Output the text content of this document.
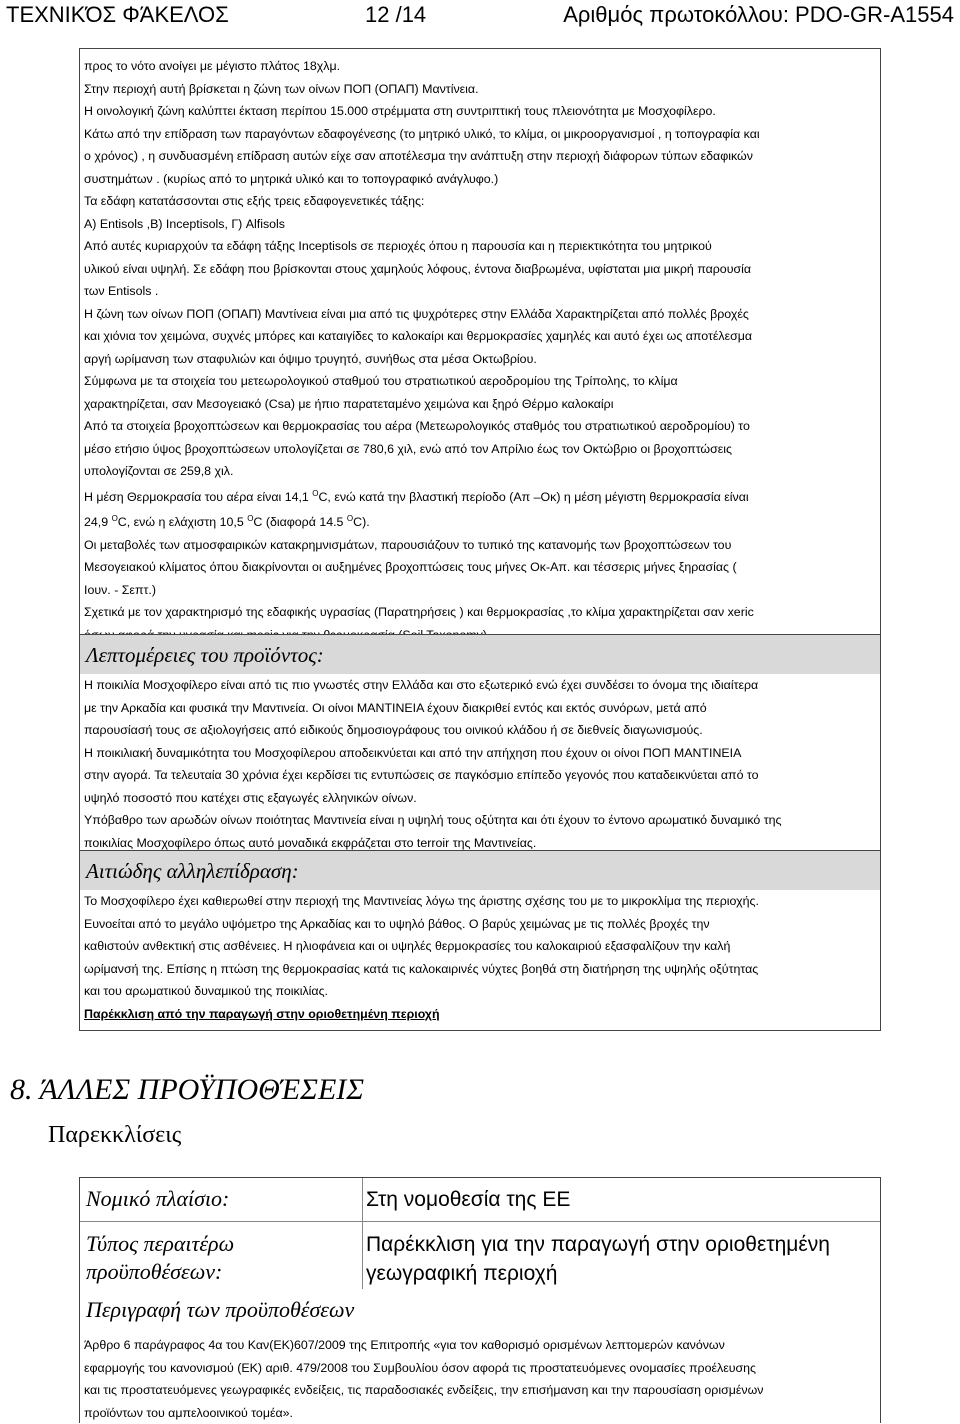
ΤΕΧΝΙΚΌΣ ΦΆΚΕΛΟΣ	12 /14	Αριθμός πρωτοκόλλου: PDO-GR-A1554
προς το νότο ανοίγει με μέγιστο πλάτος 18χλμ.
Στην περιοχή αυτή βρίσκεται η ζώνη των οίνων ΠΟΠ (ΟΠΑΠ) Μαντίνεια.
Η οινολογική ζώνη καλύπτει έκταση περίπου 15.000 στρέμματα στη συντριπτική τους πλειονότητα με Μοσχοφίλερο.
Κάτω από την επίδραση των παραγόντων εδαφογένεσης (το μητρικό υλικό, το κλίμα, οι μικροοργανισμοί , η τοπογραφία και
ο χρόνος) , η συνδυασμένη επίδραση αυτών είχε σαν αποτέλεσμα την ανάπτυξη στην περιοχή διάφορων τύπων εδαφικών
συστημάτων . (κυρίως από το μητρικά υλικό και το τοπογραφικό ανάγλυφο.)
Τα εδάφη κατατάσσονται στις εξής τρεις εδαφογενετικές τάξης:
Α) Entisols ,Β) Inceptisols, Γ) Alfisols
Από αυτές κυριαρχούν τα εδάφη τάξης Inceptisols σε περιοχές όπου η παρουσία και η περιεκτικότητα του μητρικού
υλικού είναι υψηλή. Σε εδάφη που βρίσκονται στους χαμηλούς λόφους, έντονα διαβρωμένα, υφίσταται μια μικρή παρουσία
των Entisols .
Η ζώνη των οίνων ΠΟΠ (ΟΠΑΠ) Μαντίνεια είναι μια από τις ψυχρότερες στην Ελλάδα Χαρακτηρίζεται από πολλές βροχές
και χιόνια τον χειμώνα, συχνές μπόρες και καταιγίδες το καλοκαίρι και θερμοκρασίες χαμηλές και αυτό έχει ως αποτέλεσμα
αργή ωρίμανση των σταφυλιών και όψιμο τρυγητό, συνήθως στα μέσα Οκτωβρίου.
Σύμφωνα με τα στοιχεία του μετεωρολογικού σταθμού του στρατιωτικού αεροδρομίου της Τρίπολης, το κλίμα
χαρακτηρίζεται, σαν Μεσογειακό (Csa) με ήπιο παρατεταμένο χειμώνα και ξηρό Θέρμο καλοκαίρι
Από τα στοιχεία βροχοπτώσεων και θερμοκρασίας του αέρα (Μετεωρολογικός σταθμός του στρατιωτικού αεροδρομίου) το
μέσο ετήσιο ύψος βροχοπτώσεων υπολογίζεται σε 780,6 χιλ, ενώ από τον Απρίλιο έως τον Οκτώβριο οι βροχοπτώσεις
υπολογίζονται σε 259,8 χιλ.
Η μέση Θερμοκρασία του αέρα είναι 14,1 $^O$C, ενώ κατά την βλαστική περίοδο (Απ –Οκ) η μέση μέγιστη θερμοκρασία είναι
24,9 $^O$C, ενώ η ελάχιστη 10,5 $^O$C (διαφορά 14.5 $^O$C).
Οι μεταβολές των ατμοσφαιρικών κατακρημνισμάτων, παρουσιάζουν το τυπικό της κατανομής των βροχοπτώσεων του
Μεσογειακού κλίματος όπου διακρίνονται οι αυξημένες βροχοπτώσεις τους μήνες Οκ-Απ. και τέσσερις μήνες ξηρασίας (
Ιουν. - Σεπτ.)
Σχετικά με τον χαρακτηρισμό της εδαφικής υγρασίας (Παρατηρήσεις ) και θερμοκρασίας ,το κλίμα χαρακτηρίζεται σαν xeric
Λεπτομέρειες του προϊόντος:
Η ποικιλία Μοσχοφίλερο είναι από τις πιο γνωστές στην Ελλάδα και στο εξωτερικό ενώ έχει συνδέσει το όνομα της ιδιαίτερα
με την Αρκαδία και φυσικά την Μαντινεία. Οι οίνοι ΜΑΝΤΙΝΕΙΑ έχουν διακριθεί εντός και εκτός συνόρων, μετά από
παρουσίασή τους σε αξιολογήσεις από ειδικούς δημοσιογράφους του οινικού κλάδου ή σε διεθνείς διαγωνισμούς.
Η ποικιλιακή δυναμικότητα του Μοσχοφίλερου αποδεικνύεται και από την απήχηση που έχουν οι οίνοι ΠΟΠ ΜΑΝΤΙΝΕΙΑ
στην αγορά. Τα τελευταία 30 χρόνια έχει κερδίσει τις εντυπώσεις σε παγκόσμιο επίπεδο γεγονός που καταδεικνύεται από το
υψηλό ποσοστό που κατέχει στις εξαγωγές ελληνικών οίνων.
Υπόβαθρο των αρωδών οίνων ποιότητας Μαντινεία είναι η υψηλή τους οξύτητα και ότι έχουν το έντονο αρωματικό δυναμικό της
ποικιλίας Μοσχοφίλερο όπως αυτό μοναδικά εκφράζεται στο terroir της Μαντινείας.
Αιτιώδης αλληλεπίδραση:
Το Μοσχοφίλερο έχει καθιερωθεί στην περιοχή της Μαντινείας λόγω της άριστης σχέσης του με το μικροκλίμα της περιοχής.
Ευνοείται από το μεγάλο υψόμετρο της Αρκαδίας και το υψηλό βάθος. Ο βαρύς χειμώνας με τις πολλές βροχές την
καθιστούν ανθεκτική στις ασθένειες. Η ηλιοφάνεια και οι υψηλές θερμοκρασίες του καλοκαιριού εξασφαλίζουν την καλή
ωρίμανσή της. Επίσης η πτώση της θερμοκρασίας κατά τις καλοκαιρινές νύχτες βοηθά στη διατήρηση της υψηλής οξύτητας
και του αρωματικού δυναμικού της ποικιλίας.
Παρέκκλιση από την παραγωγή στην οριοθετημένη περιοχή
8. ΆΛΛΕΣ ΠΡΟΫΠΟΘΈΣΕΙΣ
Παρεκκλίσεις
Νομικό πλαίσιο:	Στη νομοθεσία της ΕΕ
Τύπος περαιτέρω προϋποθέσεων:
Παρέκκλιση για την παραγωγή στην οριοθετημένη γεωγραφική περιοχή
Περιγραφή των προϋποθέσεων
Άρθρο 6 παράγραφος 4α του Καν(ΕΚ)607/2009 της Επιτροπής «για τον καθορισμό ορισμένων λεπτομερών κανόνων
εφαρμογής του κανονισμού (ΕΚ) αριθ. 479/2008 του Συμβουλίου όσον αφορά τις προστατευόμενες ονομασίες προέλευσης
και τις προστατευόμενες γεωγραφικές ενδείξεις, τις παραδοσιακές ενδείξεις, την επισήμανση και την παρουσίαση ορισμένων
προϊόντων του αμπελοοινικού τομέα».
